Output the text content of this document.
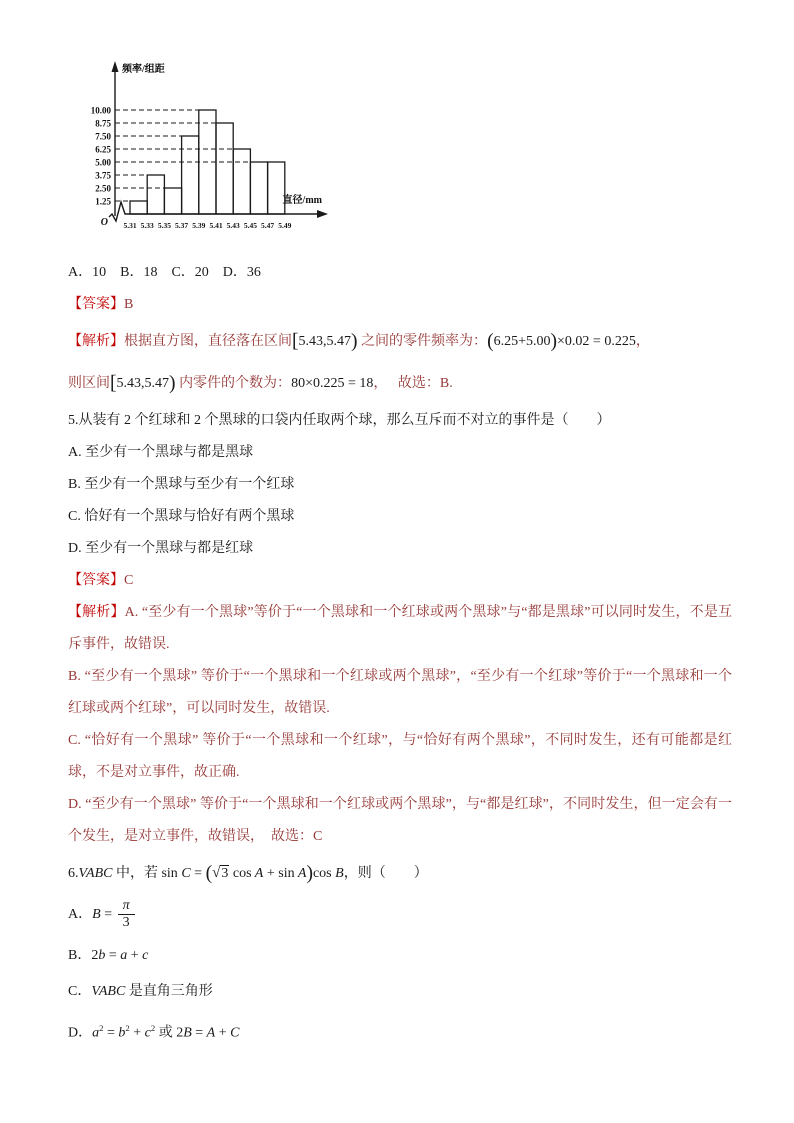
频率/组距
直径/mm
O
1.25
2.50
3.75
5.00
6.25
7.50
8.75
10.00
5.31 5.33 5.35 5.37 5.39 5.41 5.43 5.45 5.47 5.49
A．10　B．18　C．20　D．36
【答案】B
【解析】根据直方图，直径落在区间[5.43,5.47) 之间的零件频率为：(6.25+5.00)×0.02 = 0.225，
则区间[5.43,5.47) 内零件的个数为：80×0.225 = 18，　 故选：B.
5.从装有 2 个红球和 2 个黑球的口袋内任取两个球，那么互斥而不对立的事件是（　　）
A. 至少有一个黑球与都是黑球
B. 至少有一个黑球与至少有一个红球
C. 恰好有一个黑球与恰好有两个黑球
D. 至少有一个黑球与都是红球
【答案】C
【解析】A. “至少有一个黑球”等价于“一个黑球和一个红球或两个黑球”与“都是黑球”可以同时发生，不是互斥事件，故错误.
B. “至少有一个黑球” 等价于“一个黑球和一个红球或两个黑球”，“至少有一个红球”等价于“一个黑球和一个红球或两个红球”，可以同时发生，故错误.
C. “恰好有一个黑球” 等价于“一个黑球和一个红球”，与“恰好有两个黑球”，不同时发生，还有可能都是红球，不是对立事件，故正确.
D. “至少有一个黑球” 等价于“一个黑球和一个红球或两个黑球”，与“都是红球”，不同时发生，但一定会有一个发生，是对立事件，故错误，　故选：C
6.VABC 中，若 sin C = (√3 cos A + sin A)cos B，则（　　）
A．$B = \frac{\pi}{3}$
B．2b = a + c
C．VABC 是直角三角形
D．$a^2 = b^2 + c^2$ 或 2B = A + C
